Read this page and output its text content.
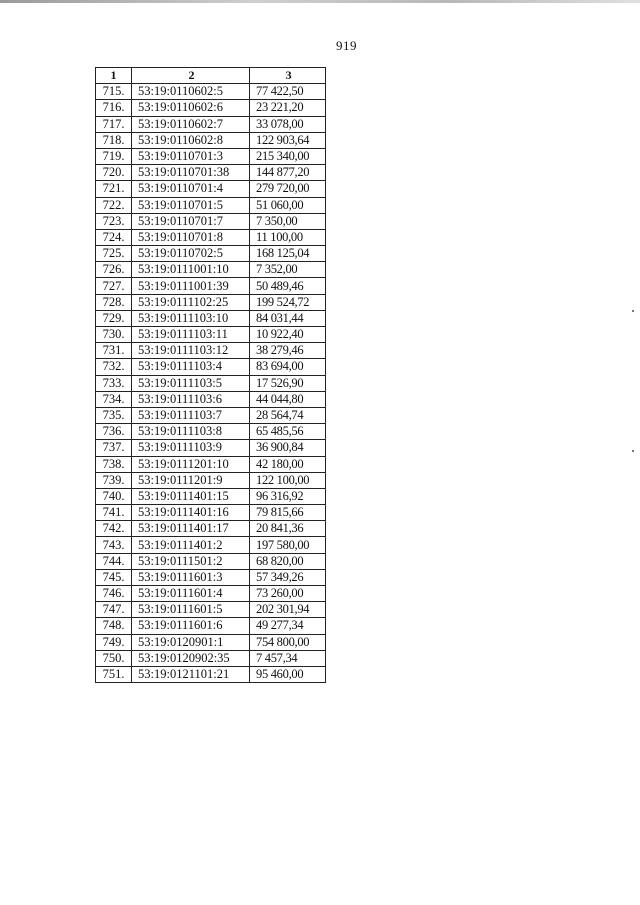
919
1	2	3
715.	53:19:0110602:5	77 422,50
716.	53:19:0110602:6	23 221,20
717.	53:19:0110602:7	33 078,00
718.	53:19:0110602:8	122 903,64
719.	53:19:0110701:3	215 340,00
720.	53:19:0110701:38	144 877,20
721.	53:19:0110701:4	279 720,00
722.	53:19:0110701:5	51 060,00
723.	53:19:0110701:7	7 350,00
724.	53:19:0110701:8	11 100,00
725.	53:19:0110702:5	168 125,04
726.	53:19:0111001:10	7 352,00
727.	53:19:0111001:39	50 489,46
728.	53:19:0111102:25	199 524,72
729.	53:19:0111103:10	84 031,44
730.	53:19:0111103:11	10 922,40
731.	53:19:0111103:12	38 279,46
732.	53:19:0111103:4	83 694,00
733.	53:19:0111103:5	17 526,90
734.	53:19:0111103:6	44 044,80
735.	53:19:0111103:7	28 564,74
736.	53:19:0111103:8	65 485,56
737.	53:19:0111103:9	36 900,84
738.	53:19:0111201:10	42 180,00
739.	53:19:0111201:9	122 100,00
740.	53:19:0111401:15	96 316,92
741.	53:19:0111401:16	79 815,66
742.	53:19:0111401:17	20 841,36
743.	53:19:0111401:2	197 580,00
744.	53:19:0111501:2	68 820,00
745.	53:19:0111601:3	57 349,26
746.	53:19:0111601:4	73 260,00
747.	53:19:0111601:5	202 301,94
748.	53:19:0111601:6	49 277,34
749.	53:19:0120901:1	754 800,00
750.	53:19:0120902:35	7 457,34
751.	53:19:0121101:21	95 460,00
